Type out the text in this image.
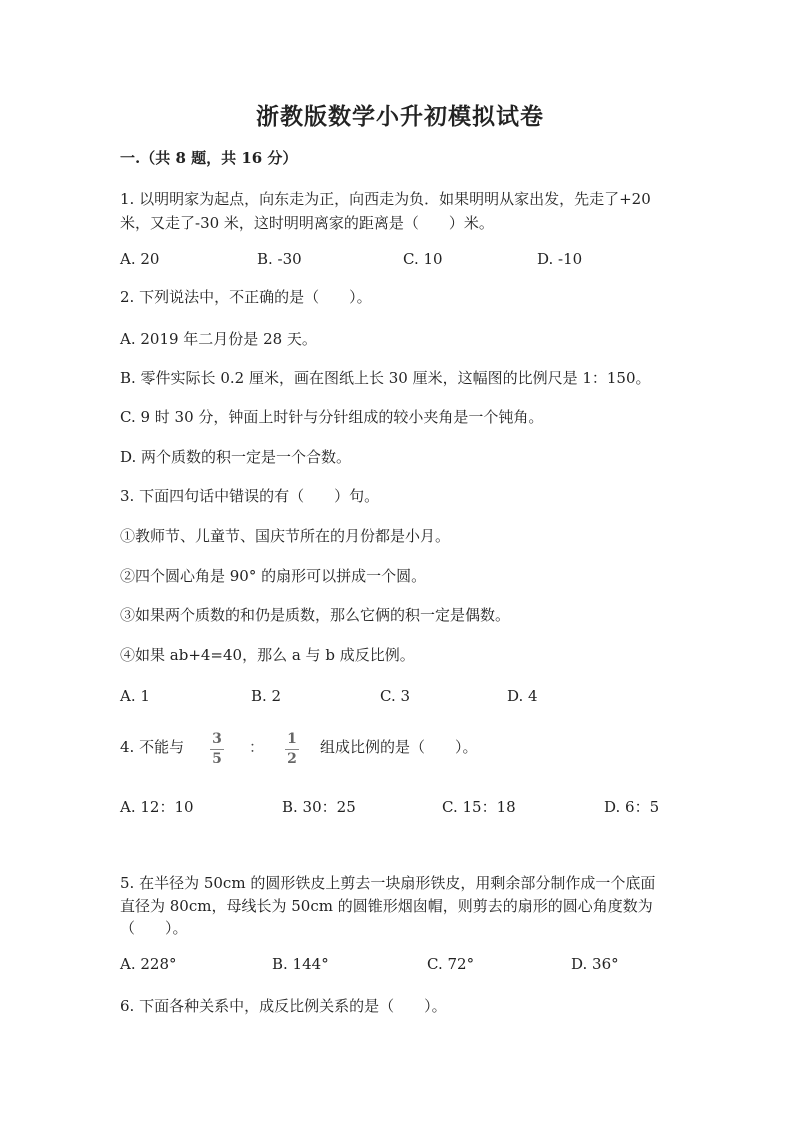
浙教版数学小升初模拟试卷
一.（共 8 题，共 16 分）
1. 以明明家为起点，向东走为正，向西走为负．如果明明从家出发，先走了+20
米，又走了-30 米，这时明明离家的距离是（　　）米。
A. 20	B. -30	C. 10	D. -10
2. 下列说法中，不正确的是（　　）。
A. 2019 年二月份是 28 天。
B. 零件实际长 0.2 厘米，画在图纸上长 30 厘米，这幅图的比例尺是 1：150。
C. 9 时 30 分，钟面上时针与分针组成的较小夹角是一个钝角。
D. 两个质数的积一定是一个合数。
3. 下面四句话中错误的有（　　）句。
①教师节、儿童节、国庆节所在的月份都是小月。
②四个圆心角是 90° 的扇形可以拼成一个圆。
③如果两个质数的和仍是质数，那么它俩的积一定是偶数。
④如果 ab+4=40，那么 a 与 b 成反比例。
A. 1	B. 2	C. 3	D. 4
4. 不能与	3
5
：	1
2
组成比例的是（　　）。
A. 12：10	B. 30：25	C. 15：18	D. 6：5
5. 在半径为 50cm 的圆形铁皮上剪去一块扇形铁皮，用剩余部分制作成一个底面
直径为 80cm，母线长为 50cm 的圆锥形烟囱帽，则剪去的扇形的圆心角度数为
（　　）。
A. 228°	B. 144°	C. 72°	D. 36°
6. 下面各种关系中，成反比例关系的是（　　）。
